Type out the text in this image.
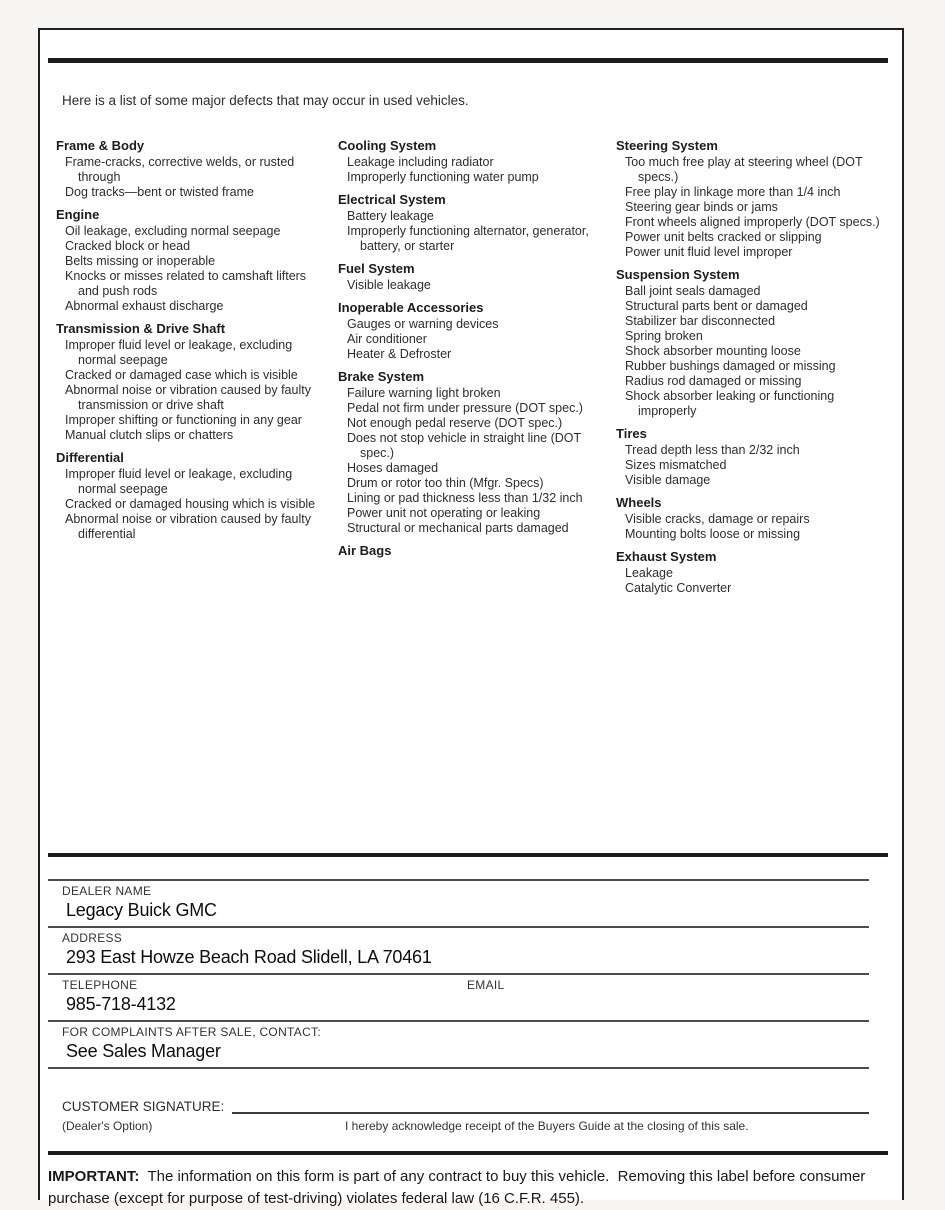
Here is a list of some major defects that may occur in used vehicles.
Frame & Body
Frame-cracks, corrective welds, or rusted through
Dog tracks—bent or twisted frame
Engine
Oil leakage, excluding normal seepage
Cracked block or head
Belts missing or inoperable
Knocks or misses related to camshaft lifters and push rods
Abnormal exhaust discharge
Transmission & Drive Shaft
Improper fluid level or leakage, excluding normal seepage
Cracked or damaged case which is visible
Abnormal noise or vibration caused by faulty transmission or drive shaft
Improper shifting or functioning in any gear
Manual clutch slips or chatters
Differential
Improper fluid level or leakage, excluding normal seepage
Cracked or damaged housing which is visible
Abnormal noise or vibration caused by faulty differential
Cooling System
Leakage including radiator
Improperly functioning water pump
Electrical System
Battery leakage
Improperly functioning alternator, generator, battery, or starter
Fuel System
Visible leakage
Inoperable Accessories
Gauges or warning devices
Air conditioner
Heater & Defroster
Brake System
Failure warning light broken
Pedal not firm under pressure (DOT spec.)
Not enough pedal reserve (DOT spec.)
Does not stop vehicle in straight line (DOT spec.)
Hoses damaged
Drum or rotor too thin (Mfgr. Specs)
Lining or pad thickness less than 1/32 inch
Power unit not operating or leaking
Structural or mechanical parts damaged
Air Bags
Steering System
Too much free play at steering wheel (DOT specs.)
Free play in linkage more than 1/4 inch
Steering gear binds or jams
Front wheels aligned improperly (DOT specs.)
Power unit belts cracked or slipping
Power unit fluid level improper
Suspension System
Ball joint seals damaged
Structural parts bent or damaged
Stabilizer bar disconnected
Spring broken
Shock absorber mounting loose
Rubber bushings damaged or missing
Radius rod damaged or missing
Shock absorber leaking or functioning improperly
Tires
Tread depth less than 2/32 inch
Sizes mismatched
Visible damage
Wheels
Visible cracks, damage or repairs
Mounting bolts loose or missing
Exhaust System
Leakage
Catalytic Converter
DEALER NAME
Legacy Buick GMC
ADDRESS
293 East Howze Beach Road Slidell, LA 70461
TELEPHONE	EMAIL
985-718-4132
FOR COMPLAINTS AFTER SALE, CONTACT:
See Sales Manager
CUSTOMER SIGNATURE:
(Dealer's Option)	I hereby acknowledge receipt of the Buyers Guide at the closing of this sale.
IMPORTANT:  The information on this form is part of any contract to buy this vehicle.  Removing this label before consumer purchase (except for purpose of test-driving) violates federal law (16 C.F.R. 455).
